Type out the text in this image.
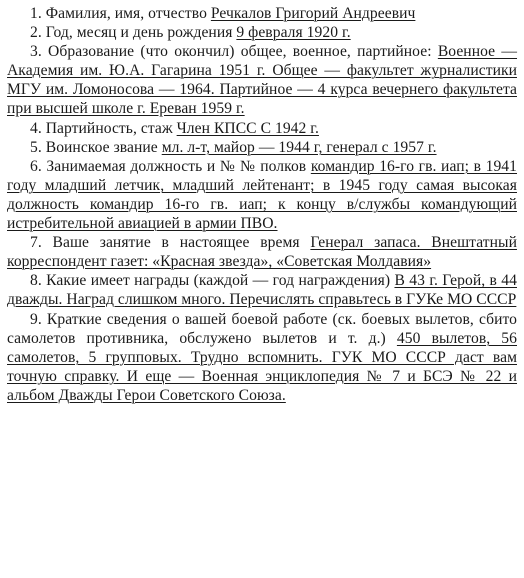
1. Фамилия, имя, отчество Речкалов Григорий Андреевич

2. Год, месяц и день рождения 9 февраля 1920 г.

3. Образование (что окончил) общее, военное, партийное: Военное — Академия им. Ю.А. Гагарина 1951 г. Общее — факультет журналистики МГУ им. Ломоносова — 1964. Партийное — 4 курса вечернего факультета при высшей школе г. Ереван 1959 г.

4. Партийность, стаж Член КПСС С 1942 г.

5. Воинское звание мл. л-т, майор — 1944 г, генерал с 1957 г.

6. Занимаемая должность и № № полков командир 16-го гв. иап; в 1941 году младший летчик, младший лейтенант; в 1945 году самая высокая должность командир 16-го гв. иап; к концу в/службы командующий истребительной авиацией в армии ПВО.

7. Ваше занятие в настоящее время Генерал запаса. Внештатный корреспондент газет: «Красная звезда», «Советская Молдавия»

8. Какие имеет награды (каждой — год награждения) В 43 г. Герой, в 44 дважды. Наград слишком много. Перечислять справьтесь в ГУКе МО СССР

9. Краткие сведения о вашей боевой работе (ск. боевых вылетов, сбито самолетов противника, обслужено вылетов и т. д.) 450 вылетов, 56 самолетов, 5 групповых. Трудно вспомнить. ГУК МО СССР даст вам точную справку. И еще — Военная энциклопедия № 7 и БСЭ № 22 и альбом Дважды Герои Советского Союза.
